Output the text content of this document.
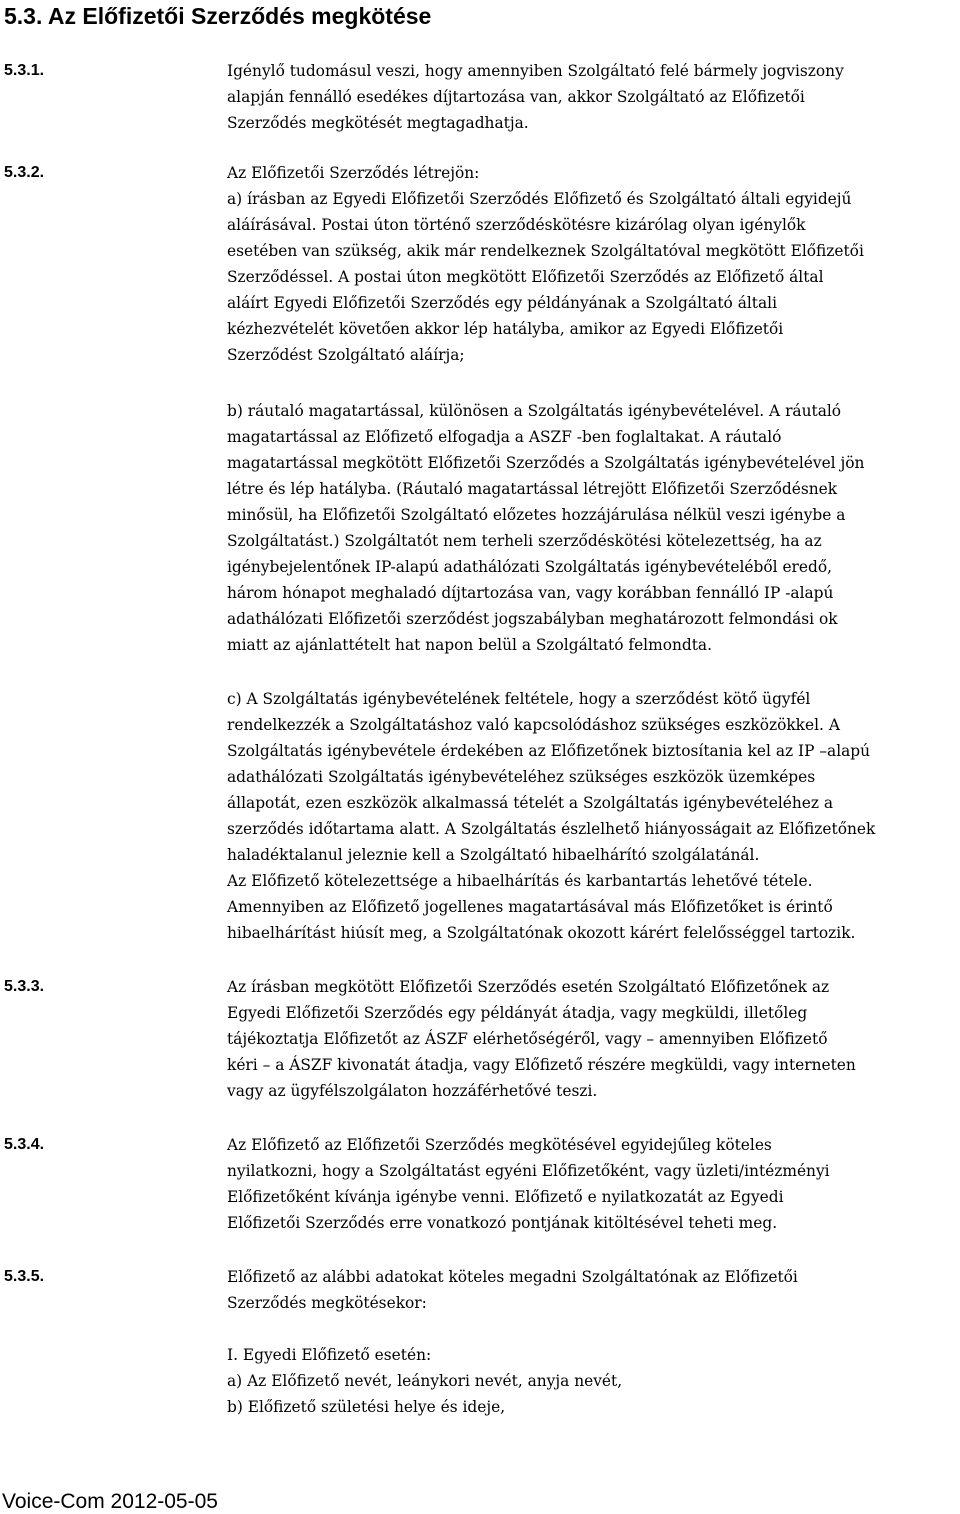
5.3. Az Előfizetői Szerződés megkötése
5.3.1.	Igénylő tudomásul veszi, hogy amennyiben Szolgáltató felé bármely jogviszony
alapján fennálló esedékes díjtartozása van, akkor Szolgáltató az Előfizetői
Szerződés megkötését megtagadhatja.

5.3.2.	Az Előfizetői Szerződés létrejön:
a) írásban az Egyedi Előfizetői Szerződés Előfizető és Szolgáltató általi egyidejű
aláírásával. Postai úton történő szerződéskötésre kizárólag olyan igénylők
esetében van szükség, akik már rendelkeznek Szolgáltatóval megkötött Előfizetői
Szerződéssel. A postai úton megkötött Előfizetői Szerződés az Előfizető által
aláírt Egyedi Előfizetői Szerződés egy példányának a Szolgáltató általi
kézhezvételét követően akkor lép hatályba, amikor az Egyedi Előfizetői
Szerződést Szolgáltató aláírja;

b) ráutaló magatartással, különösen a Szolgáltatás igénybevételével. A ráutaló
magatartással az Előfizető elfogadja a ASZF -ben foglaltakat. A ráutaló
magatartással megkötött Előfizetői Szerződés a Szolgáltatás igénybevételével jön
létre és lép hatályba. (Ráutaló magatartással létrejött Előfizetői Szerződésnek
minősül, ha Előfizetői Szolgáltató előzetes hozzájárulása nélkül veszi igénybe a
Szolgáltatást.) Szolgáltatót nem terheli szerződéskötési kötelezettség, ha az
igénybejelentőnek IP-alapú adathálózati Szolgáltatás igénybevételéből eredő,
három hónapot meghaladó díjtartozása van, vagy korábban fennálló IP -alapú
adathálózati Előfizetői szerződést jogszabályban meghatározott felmondási ok
miatt az ajánlattételt hat napon belül a Szolgáltató felmondta.

c) A Szolgáltatás igénybevételének feltétele, hogy a szerződést kötő ügyfél
rendelkezzék a Szolgáltatáshoz való kapcsolódáshoz szükséges eszközökkel. A
Szolgáltatás igénybevétele érdekében az Előfizetőnek biztosítania kel az IP –alapú
adathálózati Szolgáltatás igénybevételéhez szükséges eszközök üzemképes
állapotát, ezen eszközök alkalmassá tételét a Szolgáltatás igénybevételéhez a
szerződés időtartama alatt. A Szolgáltatás észlelhető hiányosságait az Előfizetőnek
haladéktalanul jeleznie kell a Szolgáltató hibaelhárító szolgálatánál.
Az Előfizető kötelezettsége a hibaelhárítás és karbantartás lehetővé tétele.
Amennyiben az Előfizető jogellenes magatartásával más Előfizetőket is érintő
hibaelhárítást hiúsít meg, a Szolgáltatónak okozott kárért felelősséggel tartozik.

5.3.3.	Az írásban megkötött Előfizetői Szerződés esetén Szolgáltató Előfizetőnek az
Egyedi Előfizetői Szerződés egy példányát átadja, vagy megküldi, illetőleg
tájékoztatja Előfizetőt az ÁSZF elérhetőségéről, vagy – amennyiben Előfizető
kéri – a ÁSZF kivonatát átadja, vagy Előfizető részére megküldi, vagy interneten
vagy az ügyfélszolgálaton hozzáférhetővé teszi.

5.3.4.	Az Előfizető az Előfizetői Szerződés megkötésével egyidejűleg köteles
nyilatkozni, hogy a Szolgáltatást egyéni Előfizetőként, vagy üzleti/intézményi
Előfizetőként kívánja igénybe venni. Előfizető e nyilatkozatát az Egyedi
Előfizetői Szerződés erre vonatkozó pontjának kitöltésével teheti meg.

5.3.5.	Előfizető az alábbi adatokat köteles megadni Szolgáltatónak az Előfizetői
Szerződés megkötésekor:

I. Egyedi Előfizető esetén:
a) Az Előfizető nevét, leánykori nevét, anyja nevét,
b) Előfizető születési helye és ideje,

Voice-Com 2012-05-05
